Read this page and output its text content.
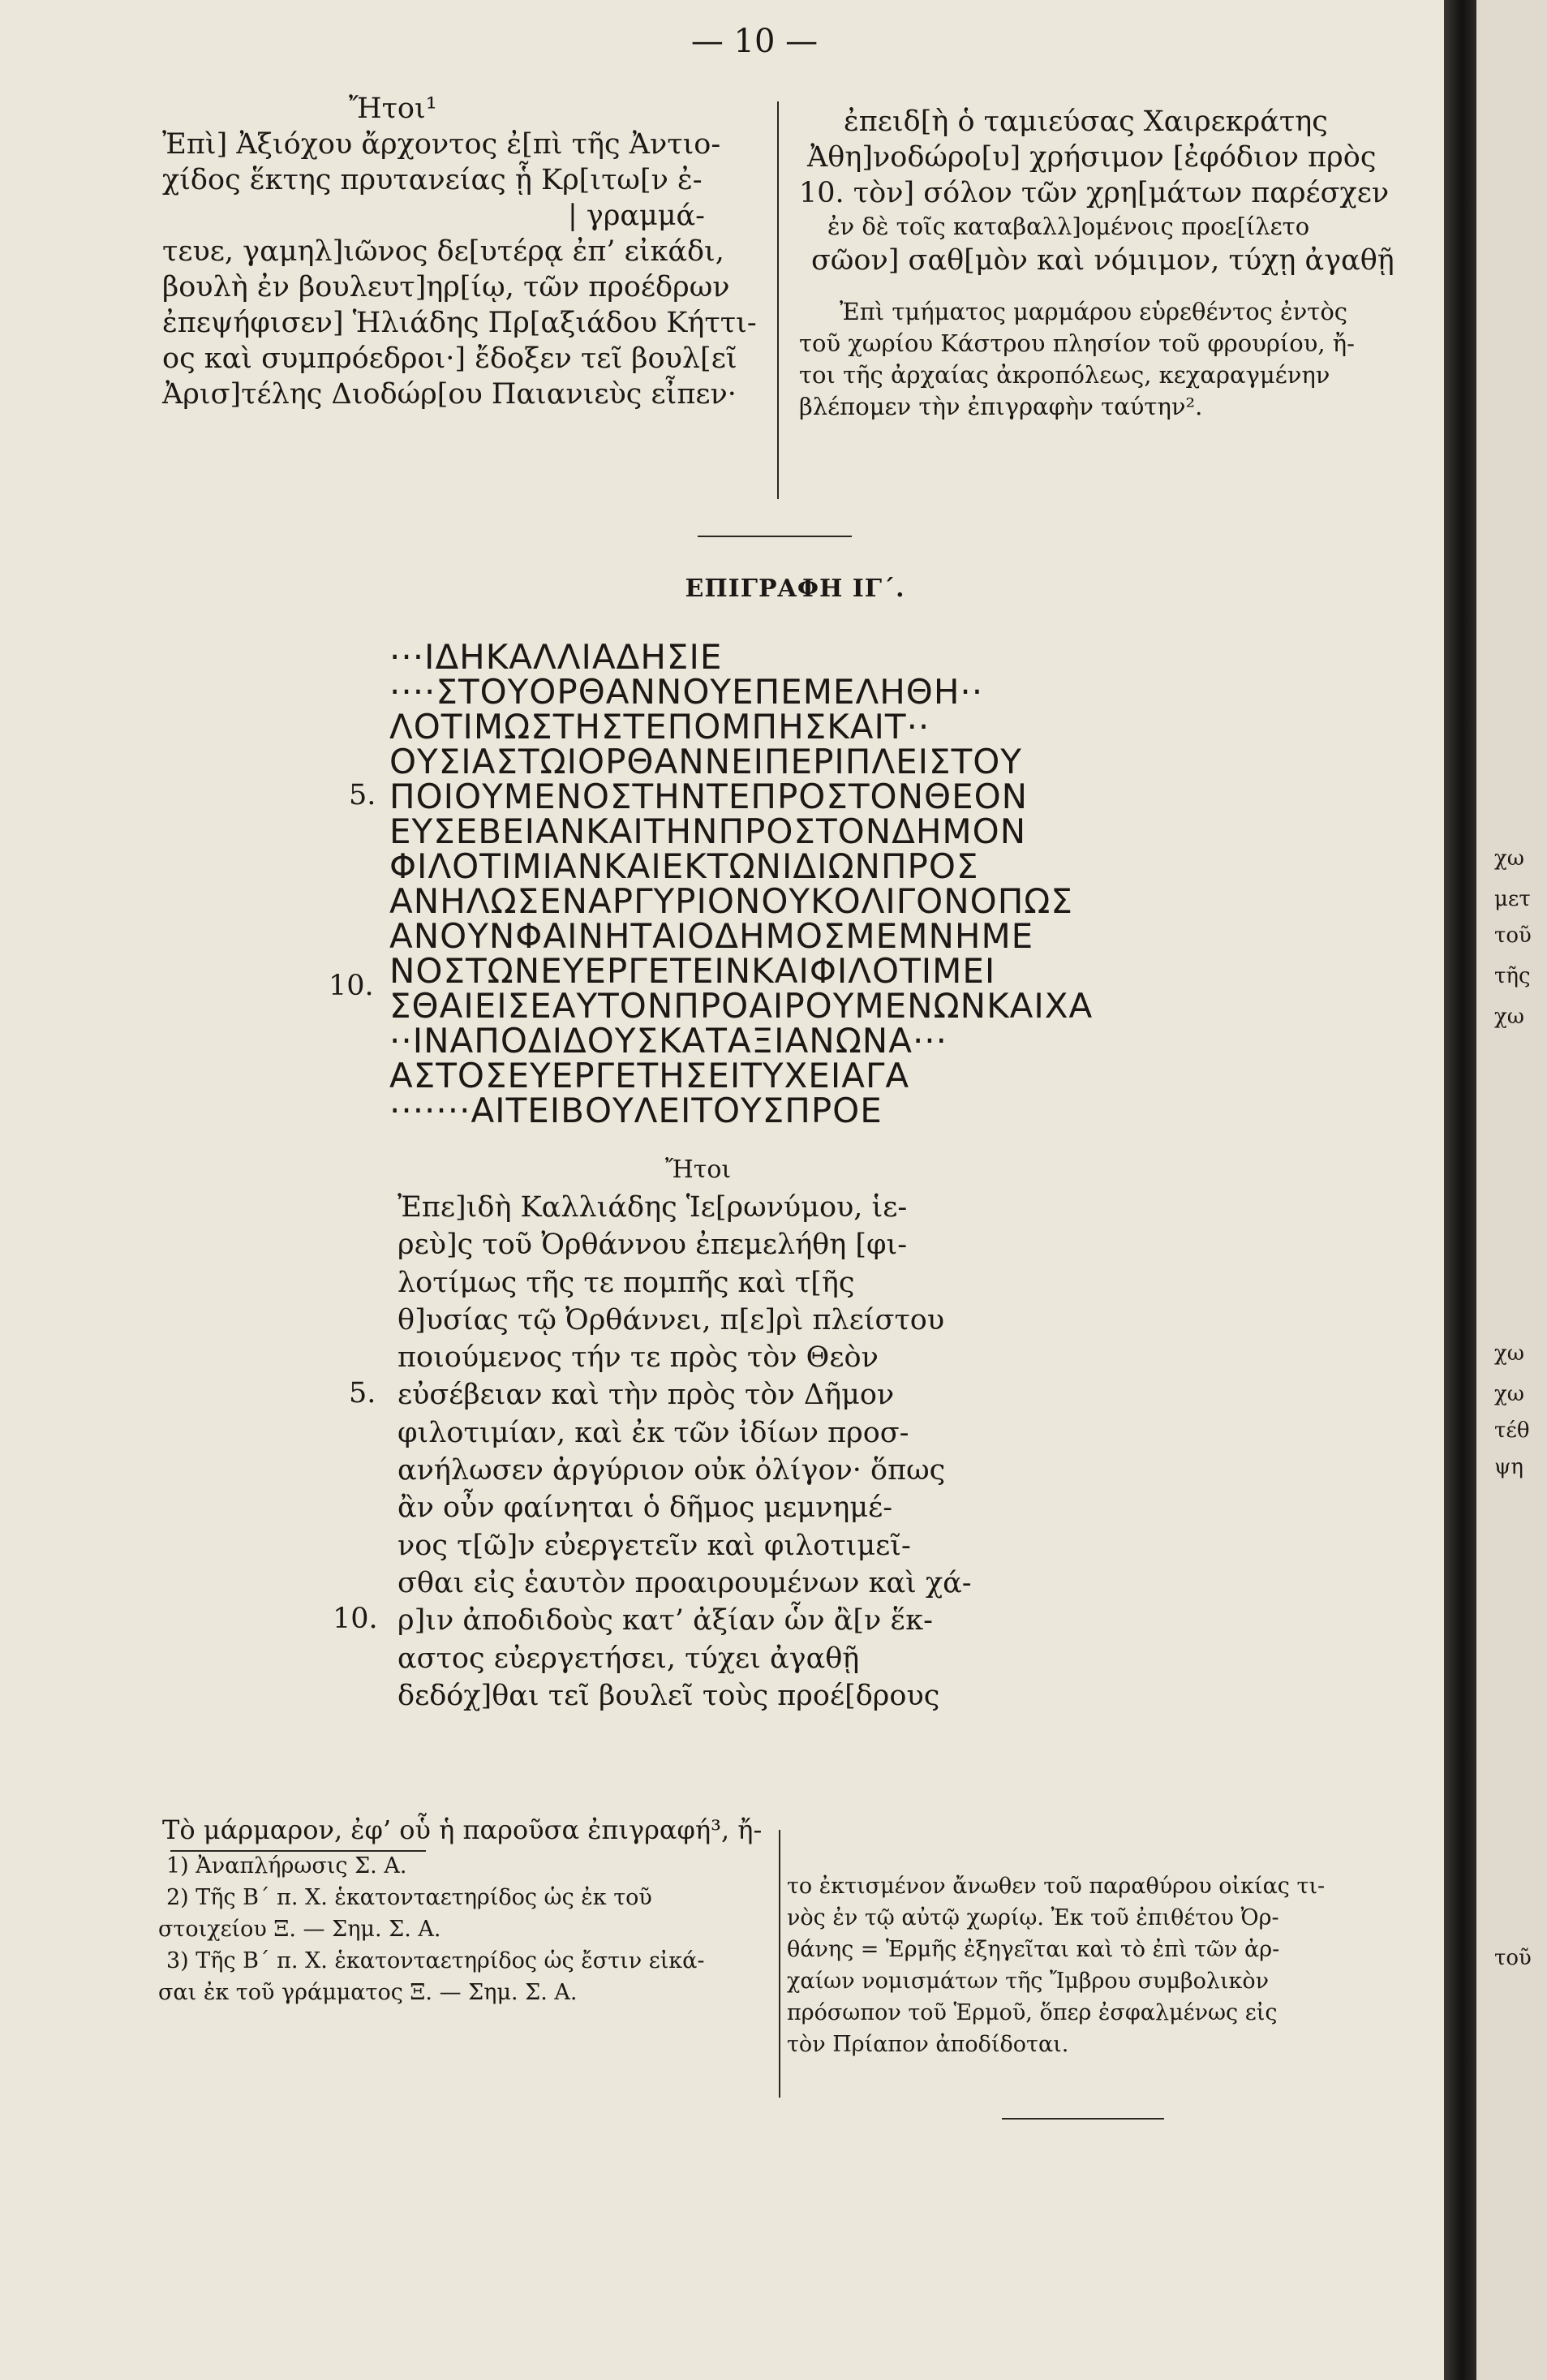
— 10 —
Ἤτοι¹
Ἐπὶ] Ἀξιόχου ἄρχοντος ἐ[πὶ τῆς Ἀντιο-
χίδος ἕκτης πρυτανείας ᾗ Κρ[ιτω[ν ἐ-
| γραμμά-
τευε, γαμηλ]ιῶνος δε[υτέρᾳ ἐπ’ εἰκάδι,
βουλὴ ἐν βουλευτ]ηρ[ίῳ, τῶν προέδρων
ἐπεψήφισεν] Ἡλιάδης Πρ[αξιάδου Κήττι-
ος καὶ συμπρόεδροι·] ἔδοξεν τεῖ βουλ[εῖ
Ἀρισ]τέλης Διοδώρ[ου Παιανιεὺς εἶπεν·
ἐπειδ[ὴ ὁ ταμιεύσας Χαιρεκράτης
Ἀθη]νοδώρο[υ] χρήσιμον [ἐφόδιον πρὸς
10. τὸν] σόλον τῶν χρη[μάτων παρέσχεν
ἐν δὲ τοῖς καταβαλλ]ομένοις προε[ίλετο
σῶον] σαθ[μὸν καὶ νόμιμον, τύχῃ ἀγαθῇ
Ἐπὶ τμήματος μαρμάρου εὑρεθέντος ἐντὸς
τοῦ χωρίου Κάστρου πλησίον τοῦ φρουρίου, ἤ-
τοι τῆς ἀρχαίας ἀκροπόλεως, κεχαραγμένην
βλέπομεν τὴν ἐπιγραφὴν ταύτην².
ΕΠΙΓΡΑΦΗ ΙΓ΄.
···ΙΔΗΚΑΛΛΙΑΔΗΣΙΕ
····ΣΤΟΥΟΡΘΑΝΝΟΥΕΠΕΜΕΛΗΘΗ··
ΛΟΤΙΜΩΣΤΗΣΤΕΠΟΜΠΗΣΚΑΙΤ··
ΟΥΣΙΑΣΤΩΙΟΡΘΑΝΝΕΙΠΕΡΙΠΛΕΙΣΤΟΥ
ΠΟΙΟΥΜΕΝΟΣΤΗΝΤΕΠΡΟΣΤΟΝΘΕΟΝ
ΕΥΣΕΒΕΙΑΝΚΑΙΤΗΝΠΡΟΣΤΟΝΔΗΜΟΝ
ΦΙΛΟΤΙΜΙΑΝΚΑΙΕΚΤΩΝΙΔΙΩΝΠΡΟΣ
ΑΝΗΛΩΣΕΝΑΡΓΥΡΙΟΝΟΥΚΟΛΙΓΟΝΟΠΩΣ
ΑΝΟΥΝΦΑΙΝΗΤΑΙΟΔΗΜΟΣΜΕΜΝΗΜΕ
ΝΟΣΤΩΝΕΥΕΡΓΕΤΕΙΝΚΑΙΦΙΛΟΤΙΜΕΙ
ΣΘΑΙΕΙΣΕΑΥΤΟΝΠΡΟΑΙΡΟΥΜΕΝΩΝΚΑΙΧΑ
··ΙΝΑΠΟΔΙΔΟΥΣΚΑΤΑΞΙΑΝΩΝΑ···
ΑΣΤΟΣΕΥΕΡΓΕΤΗΣΕΙΤΥΧΕΙΑΓΑ
·······ΑΙΤΕΙΒΟΥΛΕΙΤΟΥΣΠΡΟΕ
5.
10.
Ἤτοι
Ἐπε]ιδὴ Καλλιάδης Ἱε[ρωνύμου, ἱε-
ρεὺ]ς τοῦ Ὀρθάννου ἐπεμελήθη [φι-
λοτίμως τῆς τε πομπῆς καὶ τ[ῆς
θ]υσίας τῷ Ὀρθάννει, π[ε]ρὶ πλείστου
ποιούμενος τήν τε πρὸς τὸν Θεὸν
εὐσέβειαν καὶ τὴν πρὸς τὸν Δῆμον
φιλοτιμίαν, καὶ ἐκ τῶν ἰδίων προσ-
ανήλωσεν ἀργύριον οὐκ ὀλίγον· ὅπως
ἂν οὖν φαίνηται ὁ δῆμος μεμνημέ-
νος τ[ῶ]ν εὐεργετεῖν καὶ φιλοτιμεῖ-
σθαι εἰς ἑαυτὸν προαιρουμένων καὶ χά-
ρ]ιν ἀποδιδοὺς κατ’ ἀξίαν ὧν ἂ[ν ἕκ-
αστος εὐεργετήσει, τύχει ἀγαθῇ
δεδόχ]θαι τεῖ βουλεῖ τοὺς προέ[δρους
5.
10.
Τὸ μάρμαρον, ἐφ’ οὗ ἡ παροῦσα ἐπιγραφή³, ἤ-
1) Ἀναπλήρωσις Σ. Α.
2) Τῆς Β΄ π. Χ. ἑκατονταετηρίδος ὡς ἐκ τοῦ
στοιχείου Ξ. — Σημ. Σ. Α.
3) Τῆς Β΄ π. Χ. ἑκατονταετηρίδος ὡς ἔστιν εἰκά-
σαι ἐκ τοῦ γράμματος Ξ. — Σημ. Σ. Α.
το ἐκτισμένον ἄνωθεν τοῦ παραθύρου οἰκίας τι-
νὸς ἐν τῷ αὐτῷ χωρίῳ. Ἐκ τοῦ ἐπιθέτου Ὀρ-
θάνης = Ἑρμῆς ἐξηγεῖται καὶ τὸ ἐπὶ τῶν ἀρ-
χαίων νομισμάτων τῆς Ἴμβρου συμβολικὸν
πρόσωπον τοῦ Ἑρμοῦ, ὅπερ ἐσφαλμένως εἰς
τὸν Πρίαπον ἀποδίδοται.
χω
μετ
τοῦ
τῆς
χω
χω
χω
τέθ
ψη
τοῦ
